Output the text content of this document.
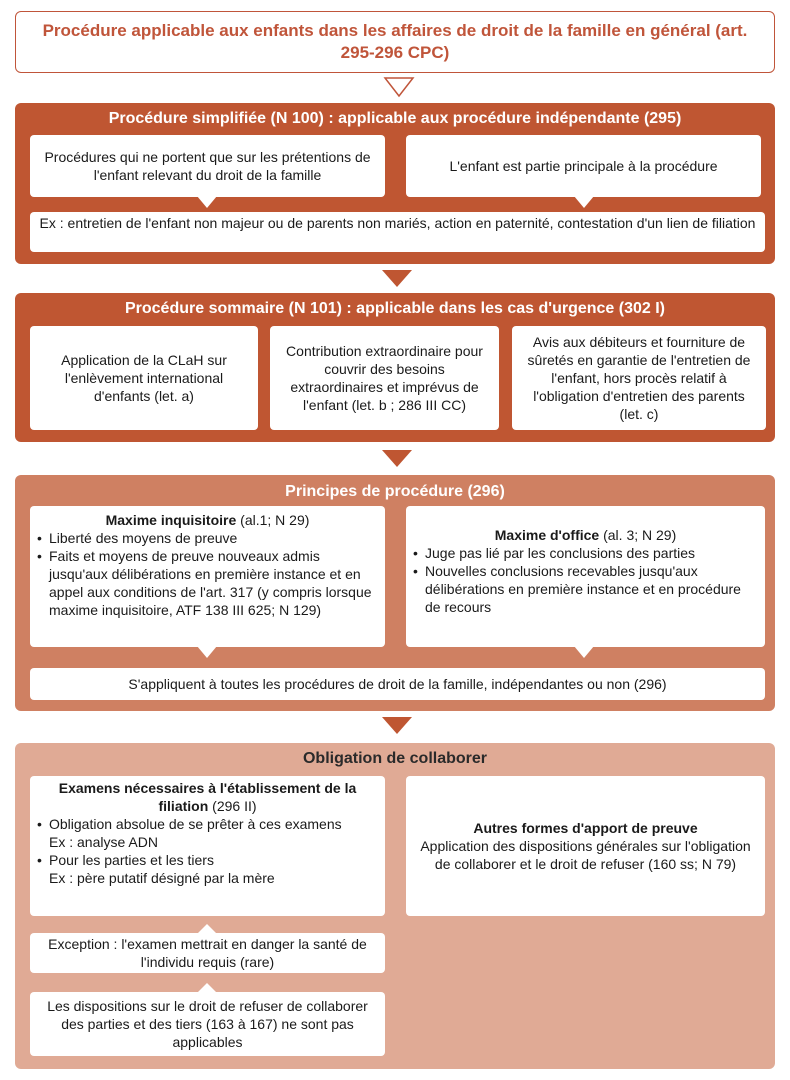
Procédure applicable aux enfants dans les affaires de droit de la famille en général (art. 295-296 CPC)
Procédure simplifiée (N 100) : applicable aux procédure indépendante (295)
Procédures qui ne portent que sur les prétentions de l'enfant relevant du droit de la famille
L'enfant est partie principale à la procédure
Ex : entretien de l'enfant non majeur ou de parents non mariés, action en paternité, contestation d'un lien de filiation
Procédure sommaire (N 101) : applicable dans les cas d'urgence (302 I)
Application de la CLaH sur l'enlèvement international d'enfants (let. a)
Contribution extraordinaire pour couvrir des besoins extraordinaires et imprévus de l'enfant (let. b ; 286 III CC)
Avis aux débiteurs et fourniture de sûretés en garantie de l'entretien de l'enfant, hors procès relatif à l'obligation d'entretien des parents (let. c)
Principes de procédure (296)
Maxime inquisitoire (al.1; N 29)
• Liberté des moyens de preuve
• Faits et moyens de preuve nouveaux admis jusqu'aux délibérations en première instance et en appel aux conditions de l'art. 317 (y compris lorsque maxime inquisitoire, ATF 138 III 625; N 129)
Maxime d'office (al. 3; N 29)
• Juge pas lié par les conclusions des parties
• Nouvelles conclusions recevables jusqu'aux délibérations en première instance et en procédure de recours
S'appliquent à toutes les procédures de droit de la famille, indépendantes ou non (296)
Obligation de collaborer
Examens nécessaires à l'établissement de la filiation (296 II)
• Obligation absolue de se prêter à ces examens
Ex : analyse ADN
• Pour les parties et les tiers
Ex : père putatif désigné par la mère
Exception : l'examen mettrait en danger la santé de l'individu requis (rare)
Les dispositions sur le droit de refuser de collaborer des parties et des tiers (163 à 167) ne sont pas applicables
Autres formes d'apport de preuve
Application des dispositions générales sur l'obligation de collaborer et le droit de refuser (160 ss; N 79)
